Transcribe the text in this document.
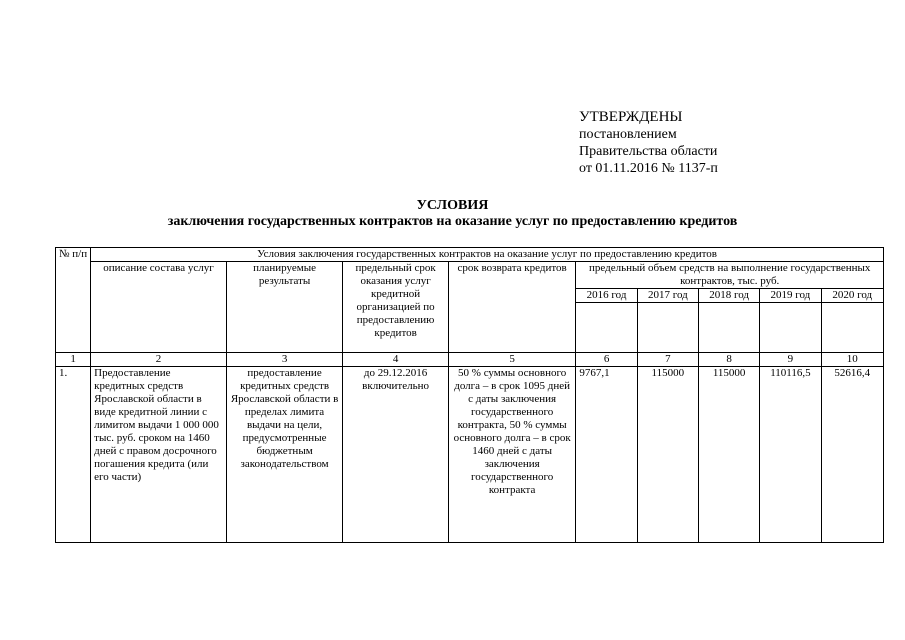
УТВЕРЖДЕНЫ
постановлением
Правительства области
от 01.11.2016 № 1137-п
УСЛОВИЯ
заключения государственных контрактов на оказание услуг по предоставлению кредитов
№ п/п	Условия заключения государственных контрактов на оказание услуг по предоставлению кредитов								
	описание состава услуг	планируемые результаты	предельный срок оказания услуг кредитной организацией по предоставлению кредитов	срок возврата кредитов	предельный объем средств на выполнение государственных контрактов, тыс. руб.				
					2016 год	2017 год	2018 год	2019 год	2020 год

1	2	3	4	5	6	7	8	9	10
1.	Предоставление кредитных средств Ярославской области в виде кредитной линии с лимитом выдачи 1 000 000 тыс. руб. сроком на 1460 дней с правом досрочного погашения кредита (или его части)	предоставление кредитных средств Ярославской области в пределах лимита выдачи на цели, предусмотренные бюджетным законодательством	до 29.12.2016 включительно	50 % суммы основного долга – в срок 1095 дней с даты заключения государственного контракта, 50 % суммы основного долга – в срок 1460 дней с даты заключения государственного контракта	9767,1	115000	115000	110116,5	52616,4
